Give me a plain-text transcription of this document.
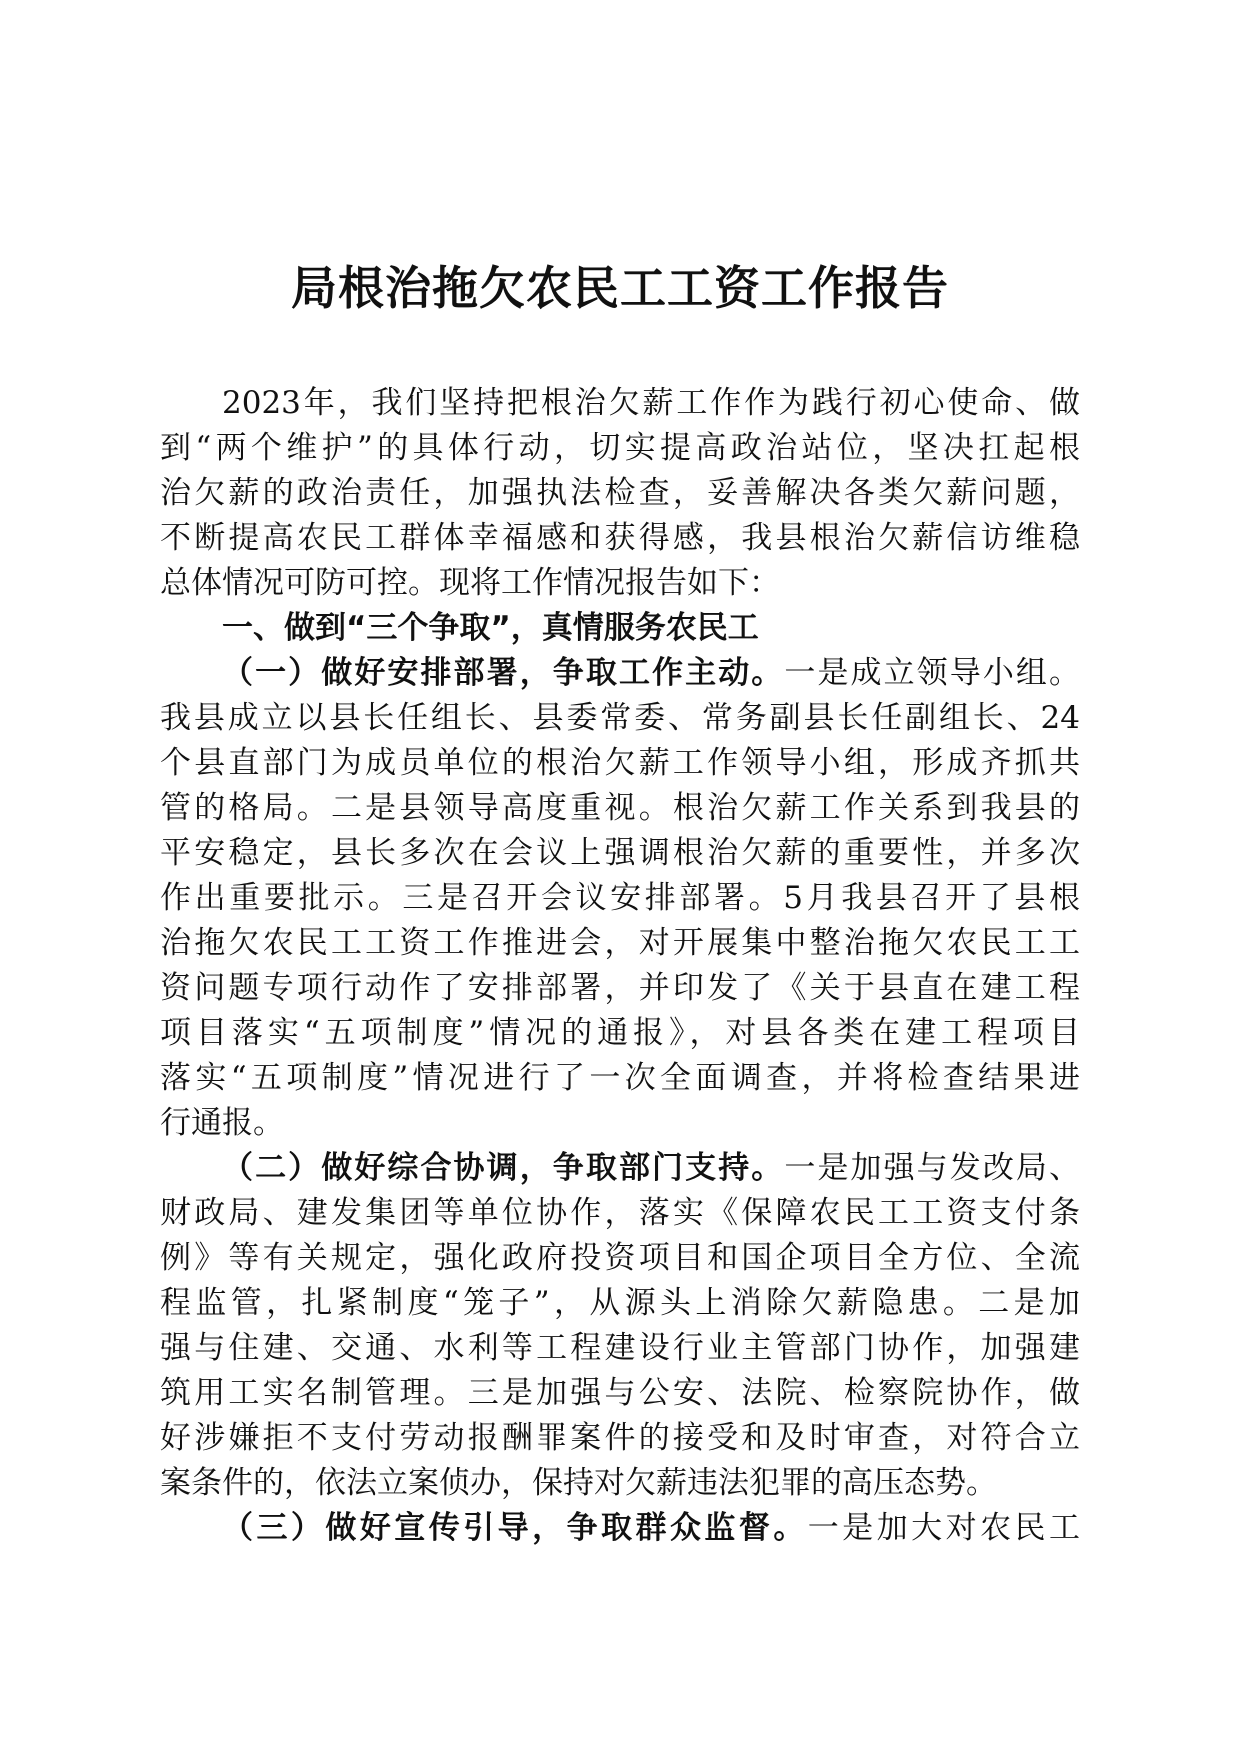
局根治拖欠农民工工资工作报告
2023年，我们坚持把根治欠薪工作作为践行初心使命、做
到“两个维护”的具体行动，切实提高政治站位，坚决扛起根
治欠薪的政治责任，加强执法检查，妥善解决各类欠薪问题，
不断提高农民工群体幸福感和获得感，我县根治欠薪信访维稳
总体情况可防可控。现将工作情况报告如下：
一、做到“三个争取”，真情服务农民工
（一）做好安排部署，争取工作主动。一是成立领导小组。
我县成立以县长任组长、县委常委、常务副县长任副组长、24
个县直部门为成员单位的根治欠薪工作领导小组，形成齐抓共
管的格局。二是县领导高度重视。根治欠薪工作关系到我县的
平安稳定，县长多次在会议上强调根治欠薪的重要性，并多次
作出重要批示。三是召开会议安排部署。5月我县召开了县根
治拖欠农民工工资工作推进会，对开展集中整治拖欠农民工工
资问题专项行动作了安排部署，并印发了《关于县直在建工程
项目落实“五项制度”情况的通报》，对县各类在建工程项目
落实“五项制度”情况进行了一次全面调查，并将检查结果进
行通报。
（二）做好综合协调，争取部门支持。一是加强与发改局、
财政局、建发集团等单位协作，落实《保障农民工工资支付条
例》等有关规定，强化政府投资项目和国企项目全方位、全流
程监管，扎紧制度“笼子”，从源头上消除欠薪隐患。二是加
强与住建、交通、水利等工程建设行业主管部门协作，加强建
筑用工实名制管理。三是加强与公安、法院、检察院协作，做
好涉嫌拒不支付劳动报酬罪案件的接受和及时审查，对符合立
案条件的，依法立案侦办，保持对欠薪违法犯罪的高压态势。
（三）做好宣传引导，争取群众监督。一是加大对农民工
